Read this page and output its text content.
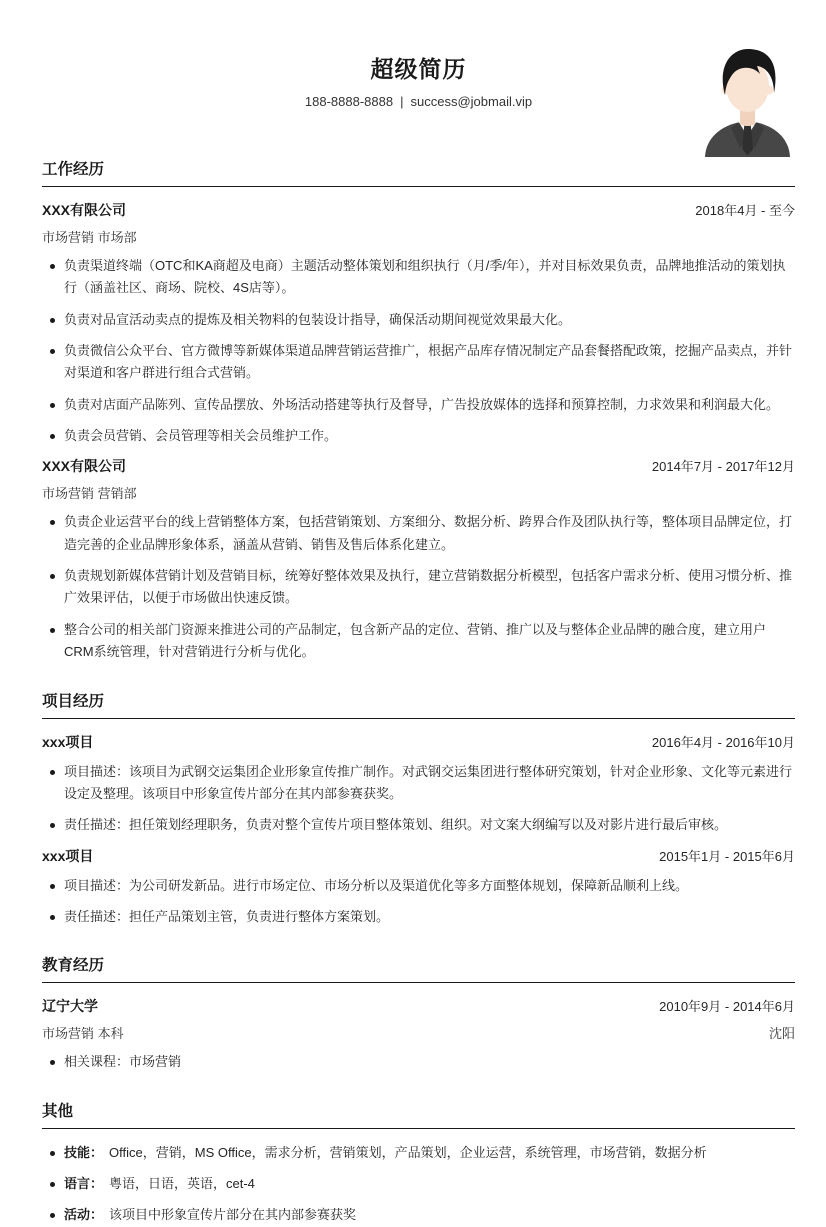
超级简历
188-8888-8888 | success@jobmail.vip
工作经历
XXX有限公司	2018年4月 - 至今
市场营销 市场部
负责渠道终端（OTC和KA商超及电商）主题活动整体策划和组织执行（月/季/年），并对目标效果负责，品牌地推活动的策划执行（涵盖社区、商场、院校、4S店等）。
负责对品宣活动卖点的提炼及相关物料的包装设计指导，确保活动期间视觉效果最大化。
负责微信公众平台、官方微博等新媒体渠道品牌营销运营推广，根据产品库存情况制定产品套餐搭配政策，挖掘产品卖点，并针对渠道和客户群进行组合式营销。
负责对店面产品陈列、宣传品摆放、外场活动搭建等执行及督导，广告投放媒体的选择和预算控制，力求效果和利润最大化。
负责会员营销、会员管理等相关会员维护工作。
XXX有限公司	2014年7月 - 2017年12月
市场营销 营销部
负责企业运营平台的线上营销整体方案，包括营销策划、方案细分、数据分析、跨界合作及团队执行等，整体项目品牌定位，打造完善的企业品牌形象体系，涵盖从营销、销售及售后体系化建立。
负责规划新媒体营销计划及营销目标，统筹好整体效果及执行，建立营销数据分析模型，包括客户需求分析、使用习惯分析、推广效果评估，以便于市场做出快速反馈。
整合公司的相关部门资源来推进公司的产品制定，包含新产品的定位、营销、推广以及与整体企业品牌的融合度，建立用户CRM系统管理，针对营销进行分析与优化。
项目经历
xxx项目	2016年4月 - 2016年10月
项目描述：该项目为武钢交运集团企业形象宣传推广制作。对武钢交运集团进行整体研究策划，针对企业形象、文化等元素进行设定及整理。该项目中形象宣传片部分在其内部参赛获奖。
责任描述：担任策划经理职务，负责对整个宣传片项目整体策划、组织。对文案大纲编写以及对影片进行最后审核。
xxx项目	2015年1月 - 2015年6月
项目描述：为公司研发新品。进行市场定位、市场分析以及渠道优化等多方面整体规划，保障新品顺利上线。
责任描述：担任产品策划主管，负责进行整体方案策划。
教育经历
辽宁大学	2010年9月 - 2014年6月
市场营销 本科	沈阳
相关课程：市场营销
其他
技能： Office，营销，MS Office，需求分析，营销策划，产品策划，企业运营，系统管理，市场营销，数据分析
语言： 粤语，日语，英语，cet-4
活动： 该项目中形象宣传片部分在其内部参赛获奖
